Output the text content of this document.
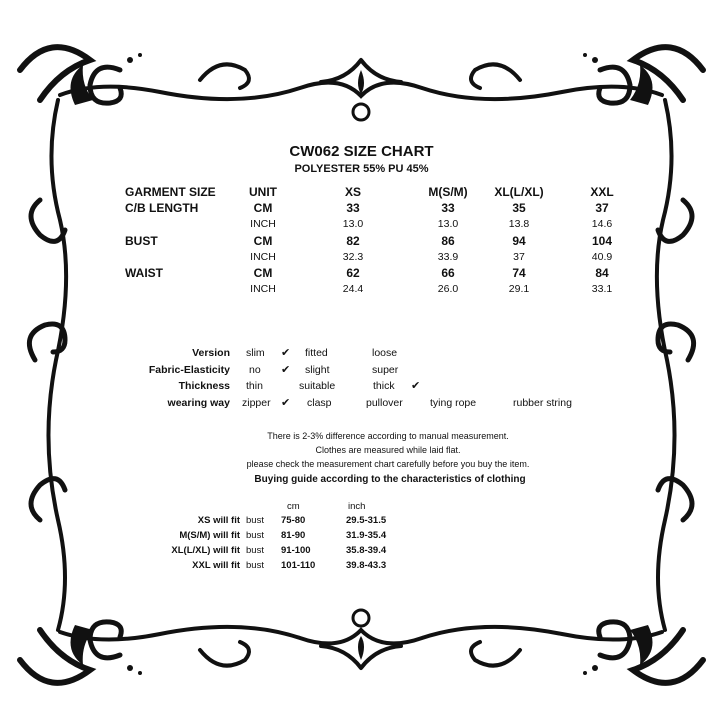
CW062 SIZE CHART
POLYESTER 55% PU 45%
GARMENT SIZE	UNIT	XS	M(S/M)	XL(L/XL)	XXL
C/B LENGTH	CM	33	33	35	37
INCH	13.0	13.0	13.8	14.6
BUST	CM	82	86	94	104
INCH	32.3	33.9	37	40.9
WAIST	CM	62	66	74	84
INCH	24.4	26.0	29.1	33.1
Version slim ✔ fitted	loose
Fabric-Elasticity no ✔ slight	super
Thickness thin	suitable	thick ✔
wearing way zipper ✔ clasp	pullover	tying rope	rubber string
There is 2-3% difference according to manual measurement.
Clothes are measured while laid flat.
please check the measurement chart carefully before you buy the item.
Buying guide according to the characteristics of clothing
cm	inch
XS will fit bust 75-80	29.5-31.5
M(S/M) will fit bust 81-90	31.9-35.4
XL(L/XL) will fit bust 91-100	35.8-39.4
XXL will fit bust 101-110	39.8-43.3
